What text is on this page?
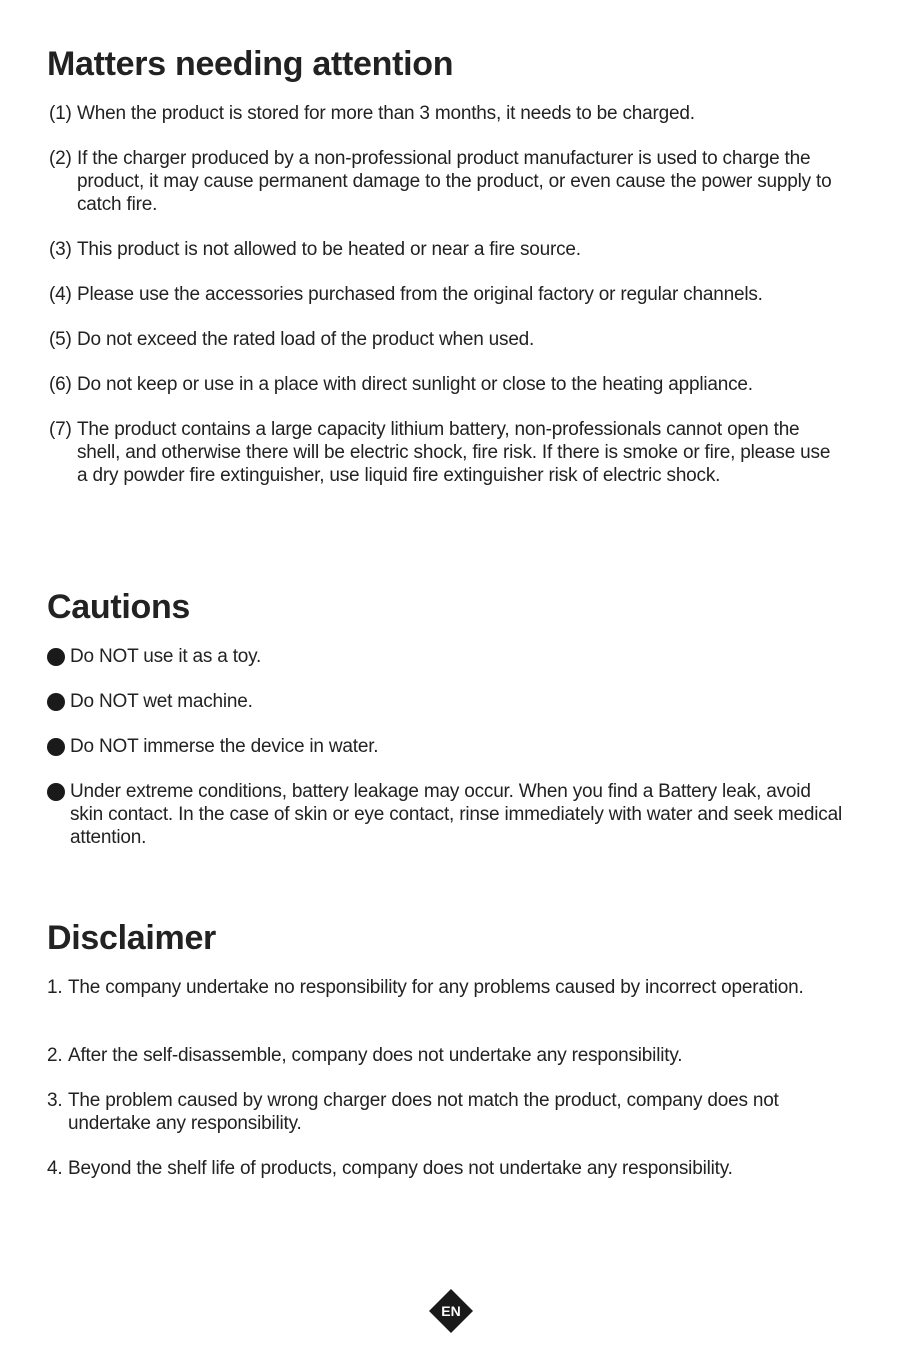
Matters needing attention
(1) When the product is stored for more than 3 months, it needs to be charged.
(2) If the charger produced by a non-professional product manufacturer is used to charge the product, it may cause permanent damage to the product, or even cause the power supply to catch fire.
(3) This product is not allowed to be heated or near a fire source.
(4) Please use the accessories purchased from the original factory or regular channels.
(5) Do not exceed the rated load of the product when used.
(6) Do not keep or use in a place with direct sunlight or close to the heating appliance.
(7) The product contains a large capacity lithium battery, non-professionals cannot open the shell, and otherwise there will be electric shock, fire risk. If there is smoke or fire, please use a dry powder fire extinguisher, use liquid fire extinguisher risk of electric shock.
Cautions
Do NOT use it as a toy.
Do NOT wet machine.
Do NOT immerse the device in water.
Under extreme conditions, battery leakage may occur. When you find a Battery leak, avoid skin contact. In the case of skin or eye contact, rinse immediately with water and seek medical attention.
Disclaimer
1. The company undertake no responsibility for any problems caused by incorrect operation.
2. After the self-disassemble, company does not undertake any responsibility.
3. The problem caused by wrong charger does not match the product, company does not undertake any responsibility.
4. Beyond the shelf life of products, company does not undertake any responsibility.
EN
